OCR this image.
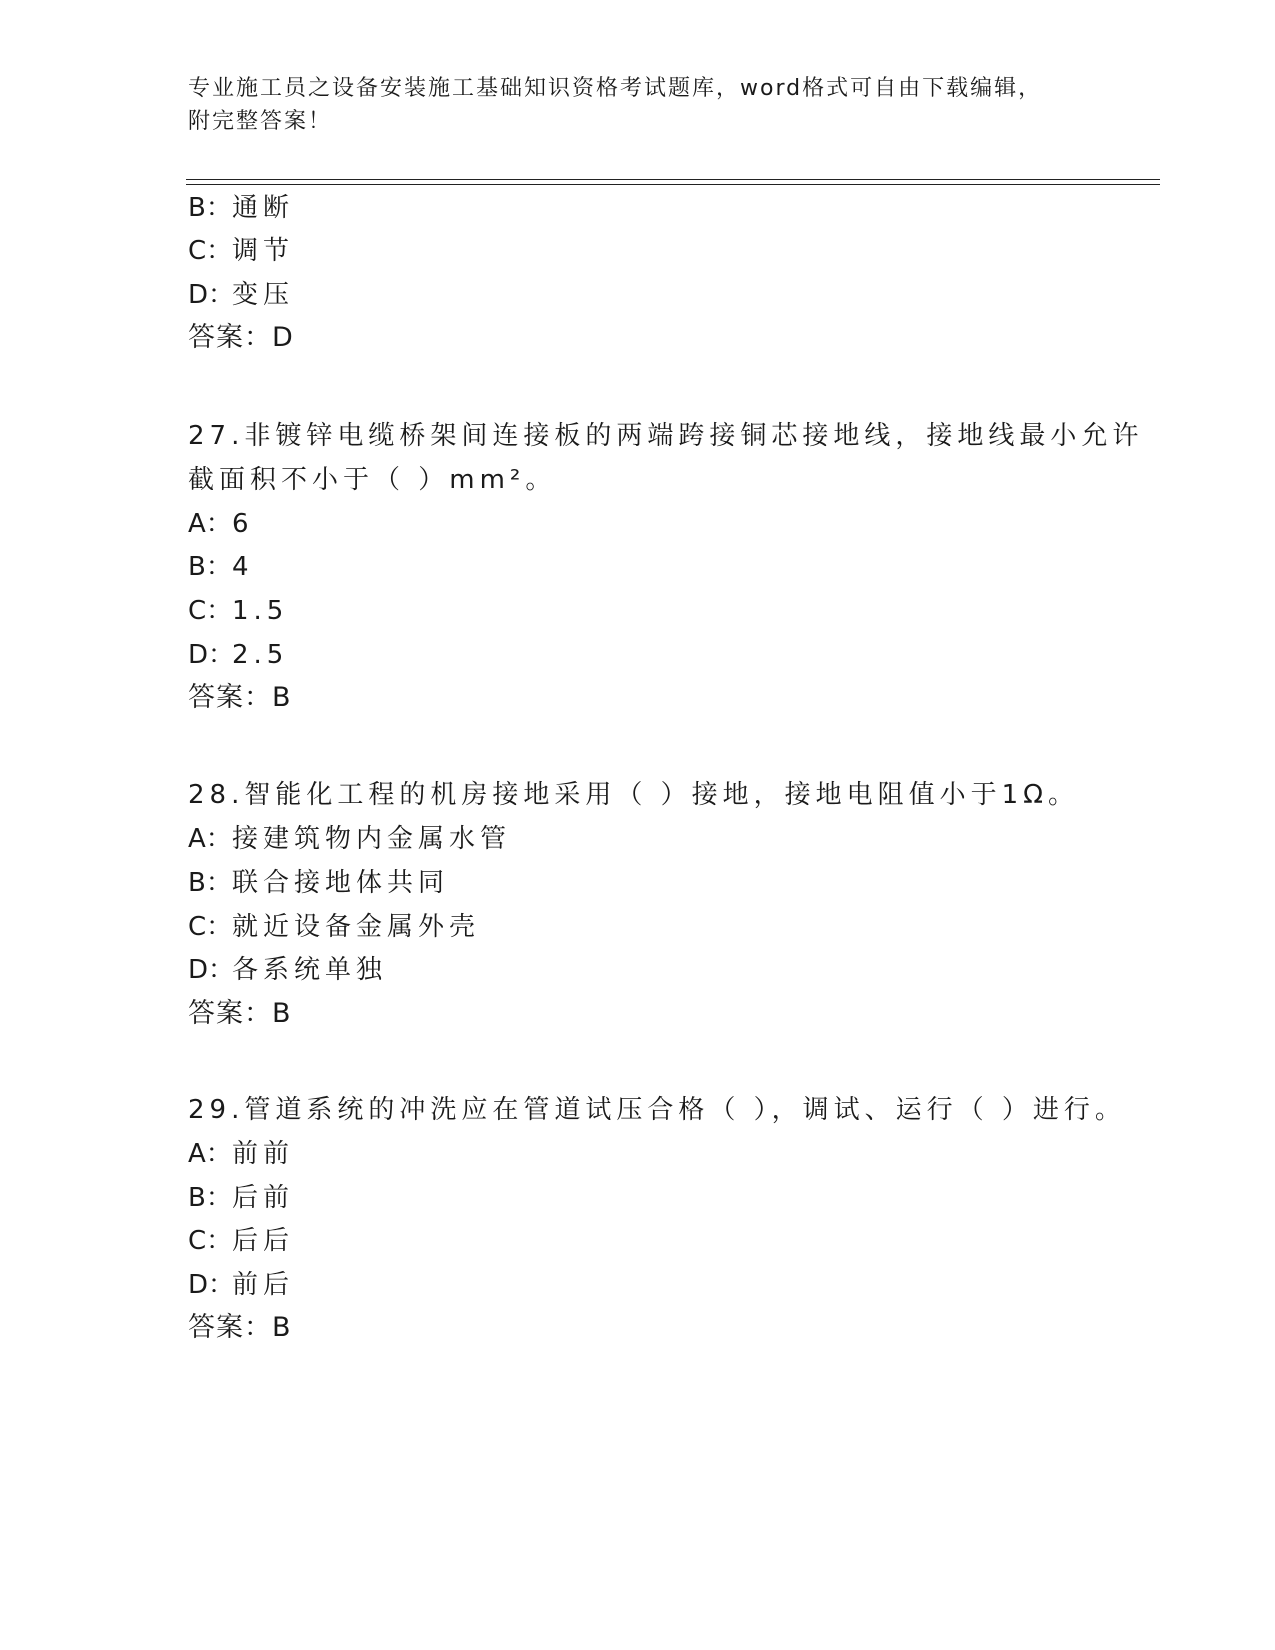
专业施工员之设备安装施工基础知识资格考试题库，word格式可自由下载编辑，
附完整答案！
B：通断
C：调节
D：变压
答案：D
27.非镀锌电缆桥架间连接板的两端跨接铜芯接地线，接地线最小允许
截面积不小于（ ）mm²。
A：6
B：4
C：1.5
D：2.5
答案：B
28.智能化工程的机房接地采用（ ）接地，接地电阻值小于1Ω。
A：接建筑物内金属水管
B：联合接地体共同
C：就近设备金属外壳
D：各系统单独
答案：B
29.管道系统的冲洗应在管道试压合格（ ），调试、运行（ ）进行。
A：前前
B：后前
C：后后
D：前后
答案：B
